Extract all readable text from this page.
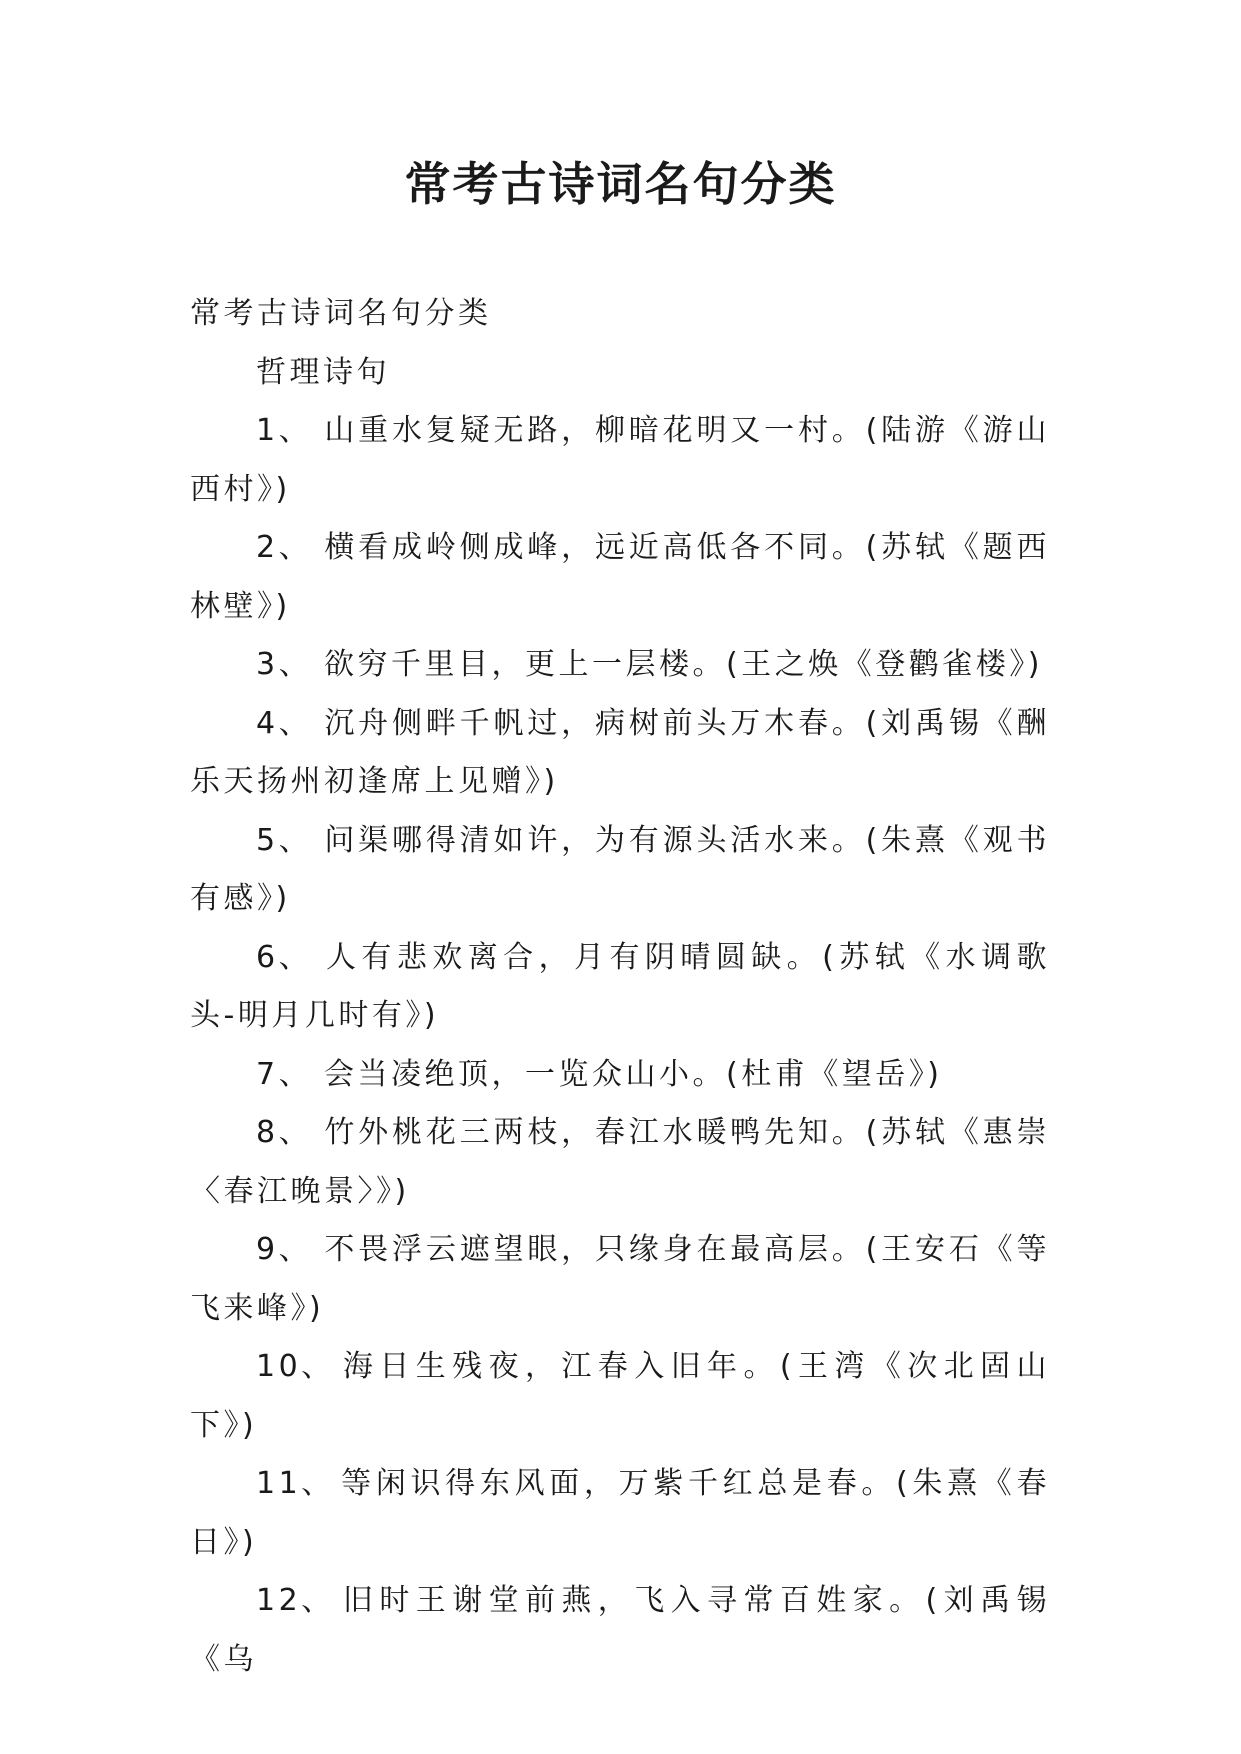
常考古诗词名句分类

常考古诗词名句分类

哲理诗句

1、 山重水复疑无路，柳暗花明又一村。(陆游《游山西村》)

2、 横看成岭侧成峰，远近高低各不同。(苏轼《题西林壁》)

3、 欲穷千里目，更上一层楼。(王之焕《登鹳雀楼》)

4、 沉舟侧畔千帆过，病树前头万木春。(刘禹锡《酬乐天扬州初逢席上见赠》)

5、 问渠哪得清如许，为有源头活水来。(朱熹《观书有感》)

6、 人有悲欢离合，月有阴晴圆缺。(苏轼《水调歌头-明月几时有》)

7、 会当凌绝顶，一览众山小。(杜甫《望岳》)

8、 竹外桃花三两枝，春江水暖鸭先知。(苏轼《惠崇〈春江晚景〉》)

9、 不畏浮云遮望眼，只缘身在最高层。(王安石《等飞来峰》)

10、 海日生残夜，江春入旧年。(王湾《次北固山下》)

11、 等闲识得东风面，万紫千红总是春。(朱熹《春日》)

12、 旧时王谢堂前燕，飞入寻常百姓家。(刘禹锡《乌
